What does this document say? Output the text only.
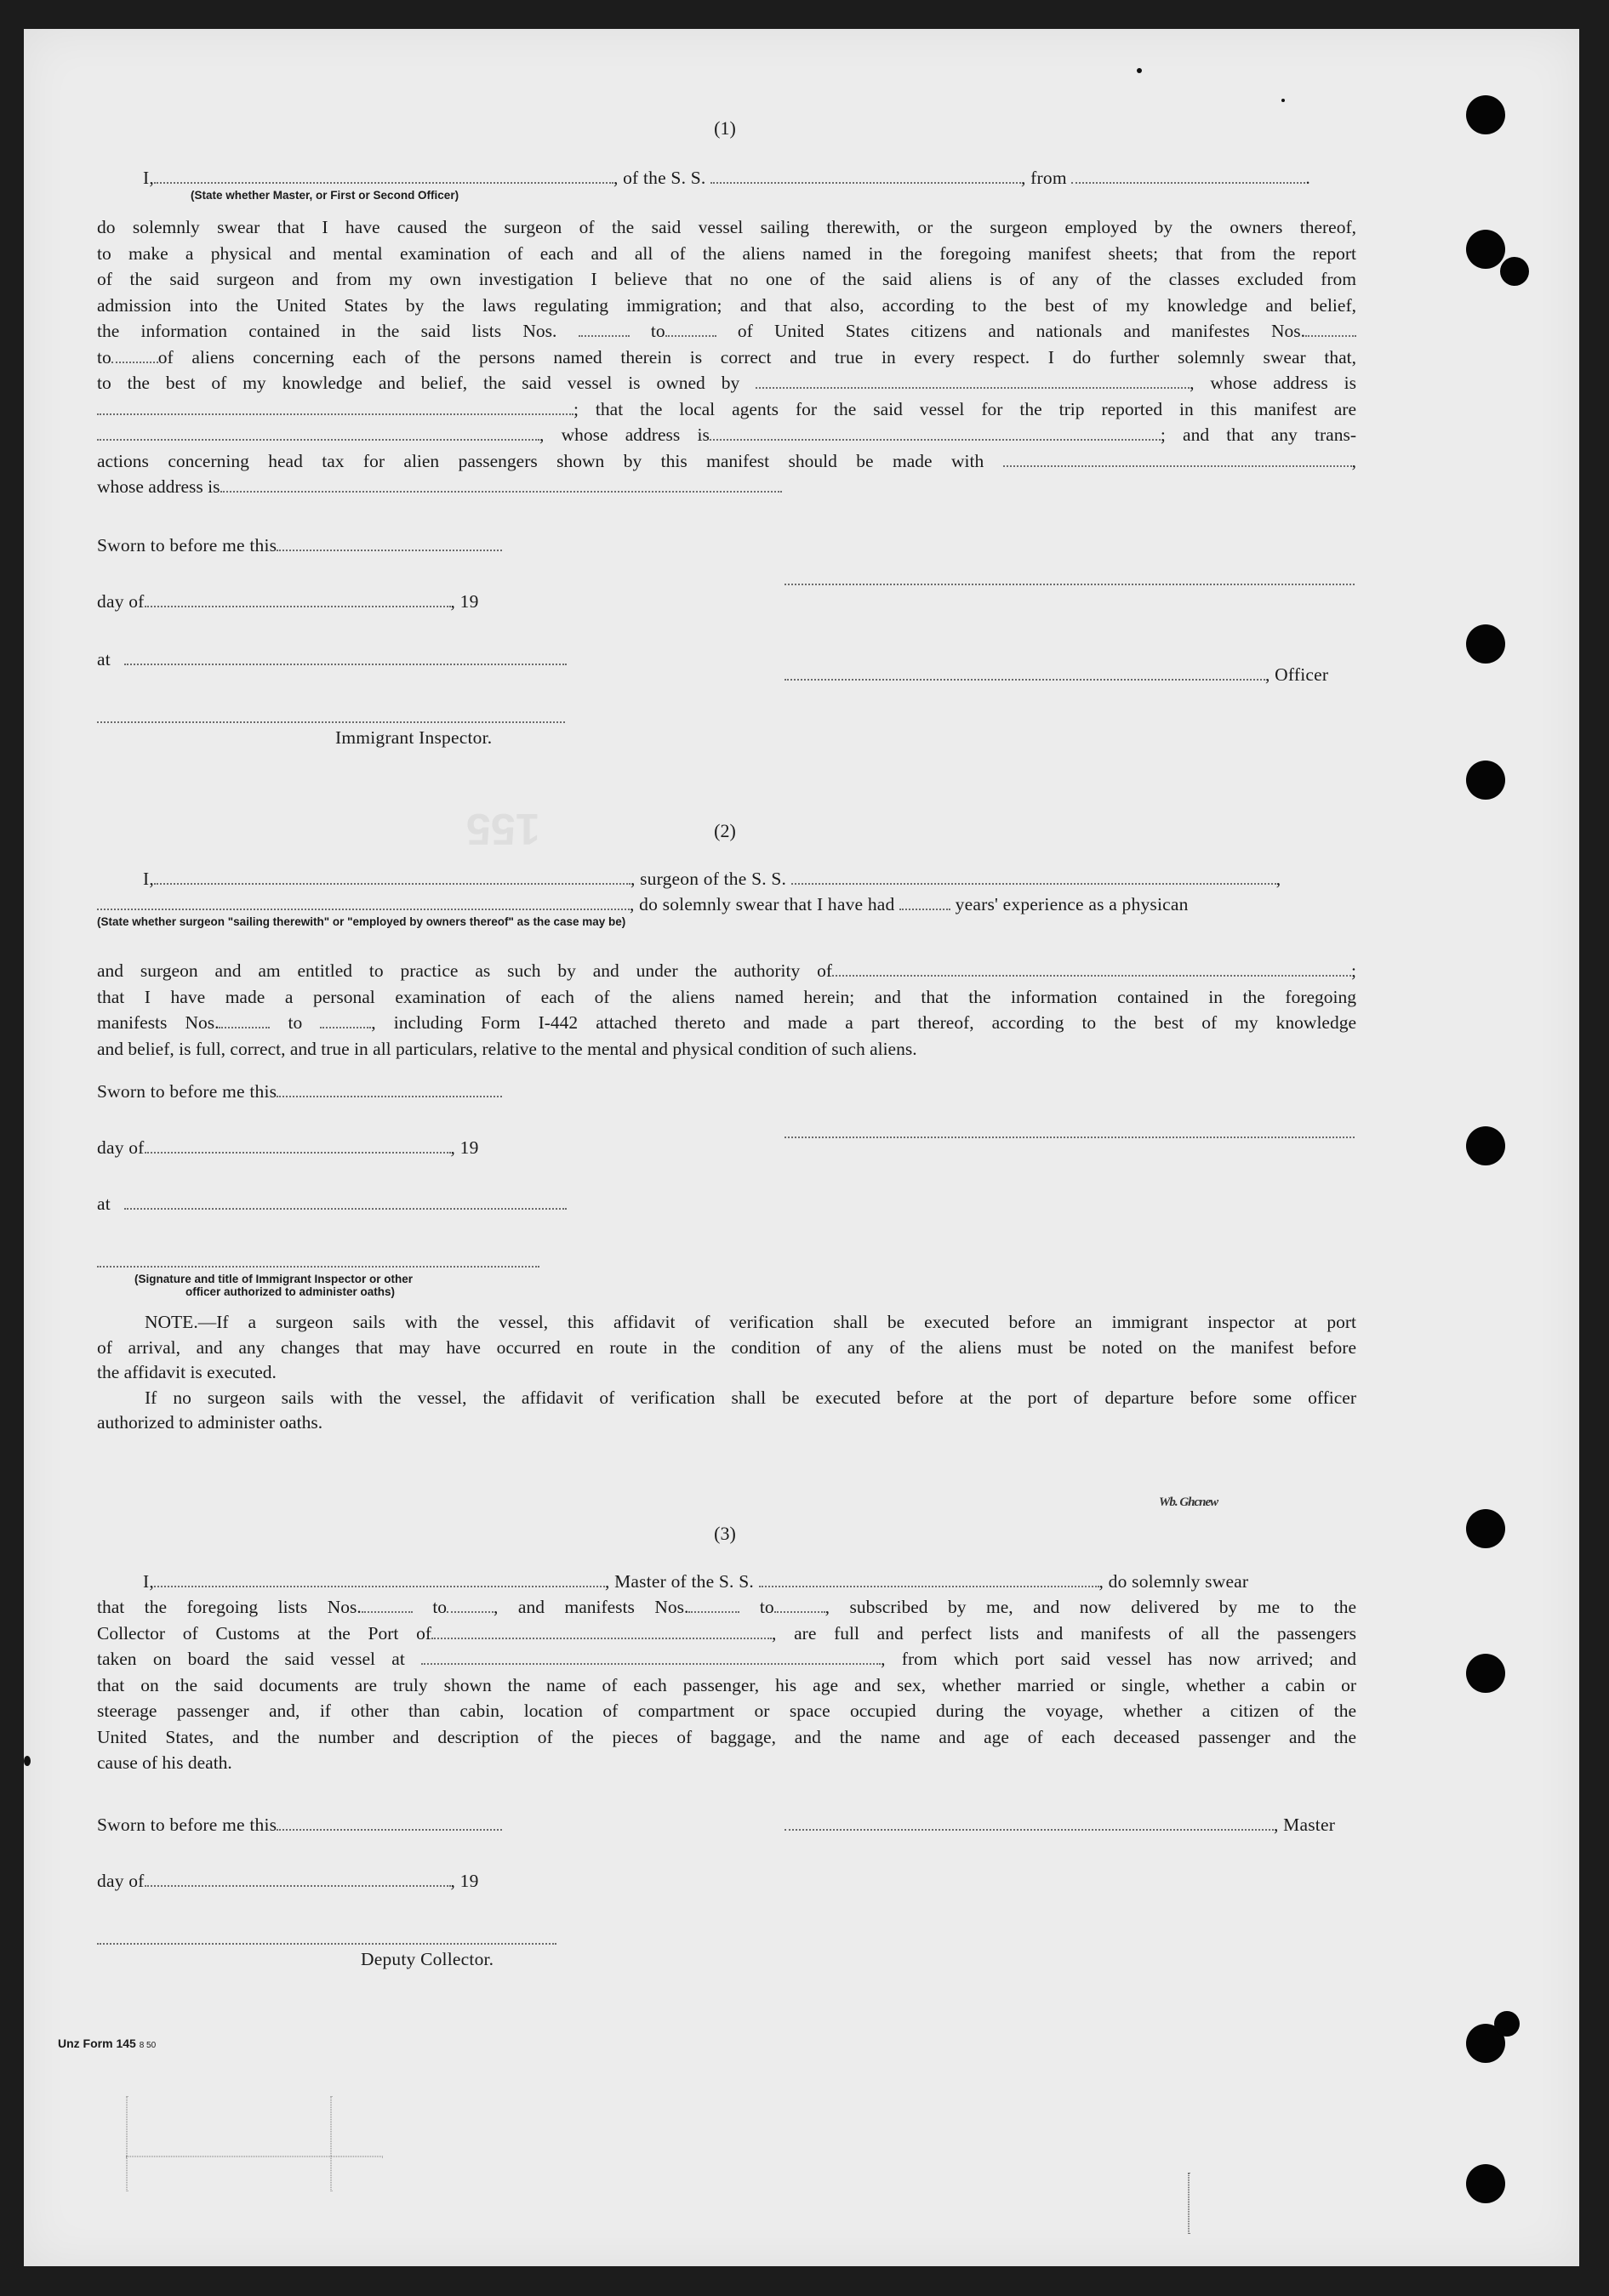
155
(1)
I,	, of the S. S.	, from	.
(State whether Master, or First or Second Officer)

do solemnly swear that I have caused the surgeon of the said vessel sailing therewith, or the surgeon employed by the owners thereof,

to make a physical and mental examination of each and all of the aliens named in the foregoing manifest sheets; that from the report

of the said surgeon and from my own investigation I believe that no one of the said aliens is of any of the classes excluded from

admission into the United States by the laws regulating immigration; and that also, according to the best of my knowledge and belief,

the information contained in the said lists Nos.	to	of United States citizens and nationals and manifestes Nos.

to	of aliens concerning each of the persons named therein is correct and true in every respect. I do further solemnly swear that,

to the best of my knowledge and belief, the said vessel is owned by	, whose address is

; that the local agents for the said vessel for the trip reported in this manifest are

, whose address is	; and that any trans-

actions concerning head tax for alien passengers shown by this manifest should be made with	,

whose address is

Sworn to before me this
day of	, 19
at
, Officer
Immigrant Inspector.
(2)
I,	, surgeon of the S. S.	,
, do solemnly swear that I have had	years' experience as a physican
(State whether surgeon "sailing therewith" or "employed by owners thereof" as the case may be)

and surgeon and am entitled to practice as such by and under the authority of	;

that I have made a personal examination of each of the aliens named herein; and that the information contained in the foregoing

manifests Nos.	to	, including Form I-442 attached thereto and made a part thereof, according to the best of my knowledge

and belief, is full, correct, and true in all particulars, relative to the mental and physical condition of such aliens.

Sworn to before me this
day of	, 19
at
(Signature and title of Immigrant Inspector or other
officer authorized to administer oaths)

NOTE.—If a surgeon sails with the vessel, this affidavit of verification shall be executed before an immigrant inspector at port

of arrival, and any changes that may have occurred en route in the condition of any of the aliens must be noted on the manifest before

the affidavit is executed.

If no surgeon sails with the vessel, the affidavit of verification shall be executed before at the port of departure before some officer

authorized to administer oaths.

Wb. Ghcnew
(3)
I,	, Master of the S. S.	, do solemnly swear

that the foregoing lists Nos.	to	, and manifests Nos.	to	, subscribed by me, and now delivered by me to the

Collector of Customs at the Port of	, are full and perfect lists and manifests of all the passengers

taken on board the said vessel at	, from which port said vessel has now arrived; and

that on the said documents are truly shown the name of each passenger, his age and sex, whether married or single, whether a cabin or

steerage passenger and, if other than cabin, location of compartment or space occupied during the voyage, whether a citizen of the

United States, and the number and description of the pieces of baggage, and the name and age of each deceased passenger and the

cause of his death.

Sworn to before me this	, Master
day of	, 19
Deputy Collector.
Unz Form 145 8 50
